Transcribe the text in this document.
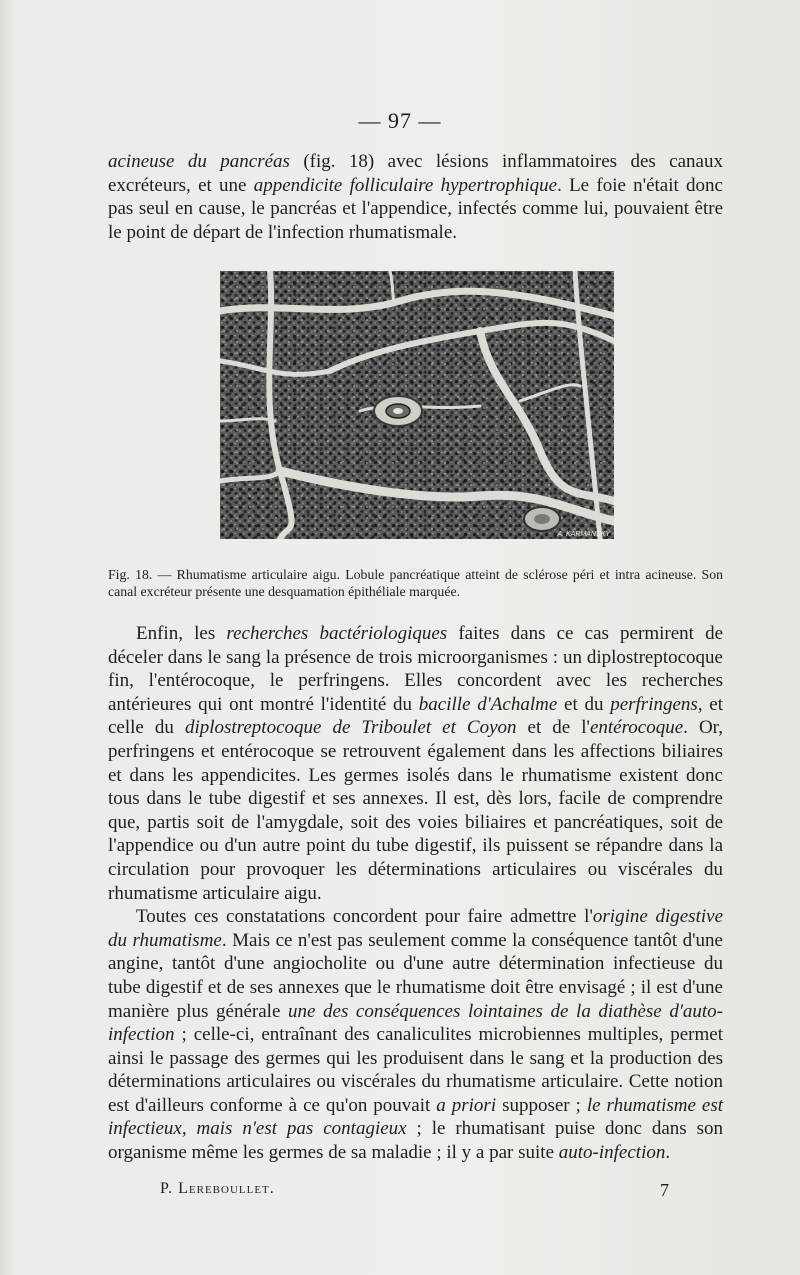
— 97 —

acineuse du pancréas (fig. 18) avec lésions inflammatoires des canaux excréteurs, et une appendicite folliculaire hypertrophique. Le foie n'était donc pas seul en cause, le pancréas et l'appendice, infectés comme lui, pouvaient être le point de départ de l'infection rhumatismale.

A. KARMANSKY
Fig. 18. — Rhumatisme articulaire aigu. Lobule pancréatique atteint de sclérose péri et intra acineuse. Son canal excréteur présente une desquamation épithéliale marquée.

Enfin, les recherches bactériologiques faites dans ce cas permirent de déceler dans le sang la présence de trois microorganismes : un diplostreptocoque fin, l'entérocoque, le perfringens. Elles concordent avec les recherches antérieures qui ont montré l'identité du bacille d'Achalme et du perfringens, et celle du diplostreptocoque de Triboulet et Coyon et de l'entérocoque. Or, perfringens et entérocoque se retrouvent également dans les affections biliaires et dans les appendicites. Les germes isolés dans le rhumatisme existent donc tous dans le tube digestif et ses annexes. Il est, dès lors, facile de comprendre que, partis soit de l'amygdale, soit des voies biliaires et pancréatiques, soit de l'appendice ou d'un autre point du tube digestif, ils puissent se répandre dans la circulation pour provoquer les déterminations articulaires ou viscérales du rhumatisme articulaire aigu.

Toutes ces constatations concordent pour faire admettre l'origine digestive du rhumatisme. Mais ce n'est pas seulement comme la conséquence tantôt d'une angine, tantôt d'une angiocholite ou d'une autre détermination infectieuse du tube digestif et de ses annexes que le rhumatisme doit être envisagé ; il est d'une manière plus générale une des conséquences lointaines de la diathèse d'auto-infection ; celle-ci, entraînant des canaliculites microbiennes multiples, permet ainsi le passage des germes qui les produisent dans le sang et la production des déterminations articulaires ou viscérales du rhumatisme articulaire. Cette notion est d'ailleurs conforme à ce qu'on pouvait a priori supposer ; le rhumatisme est infectieux, mais n'est pas contagieux ; le rhumatisant puise donc dans son organisme même les germes de sa maladie ; il y a par suite auto-infection.

P. Lereboullet.	7
